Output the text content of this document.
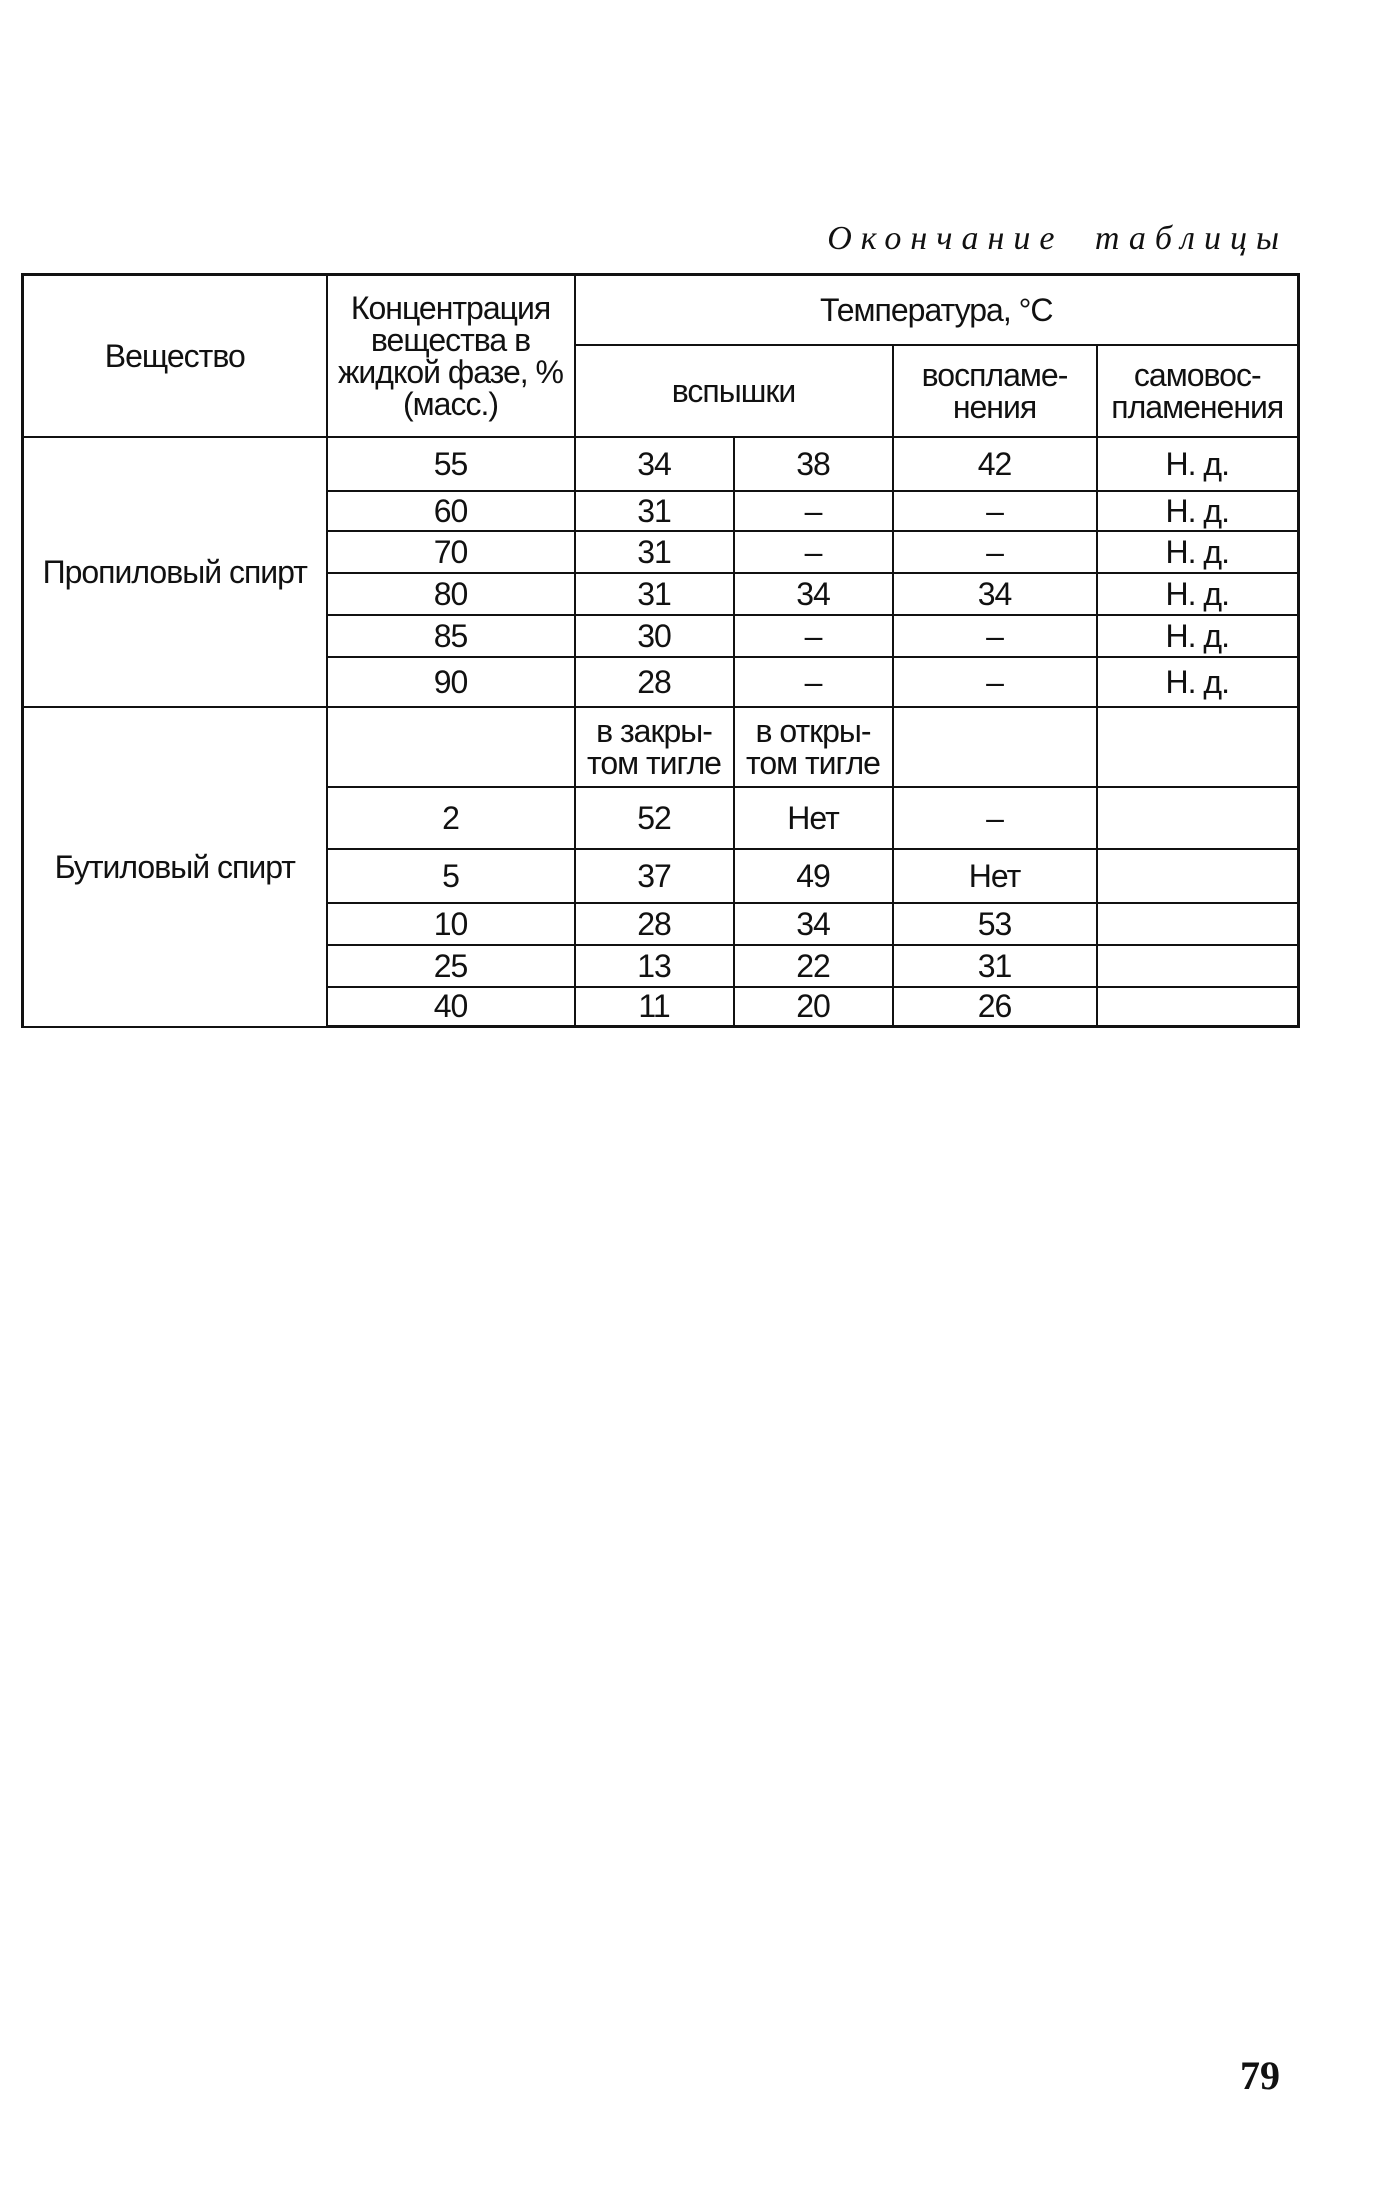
Окончание таблицы
Вещество	Концентрация вещества в жидкой фазе, % (масс.)	Температура, °С			
		вспышки		воспламе-нения	самовос-пламенения
Пропиловый спирт	55	34	38	42	Н. д.
	60	31	–	–	Н. д.
	70	31	–	–	Н. д.
	80	31	34	34	Н. д.
	85	30	–	–	Н. д.
	90	28	–	–	Н. д.
Бутиловый спирт		в закры-том тигле	в откры-том тигле		
	2	52	Нет	–	
	5	37	49	Нет	
	10	28	34	53	
	25	13	22	31	
	40	11	20	26	
79
